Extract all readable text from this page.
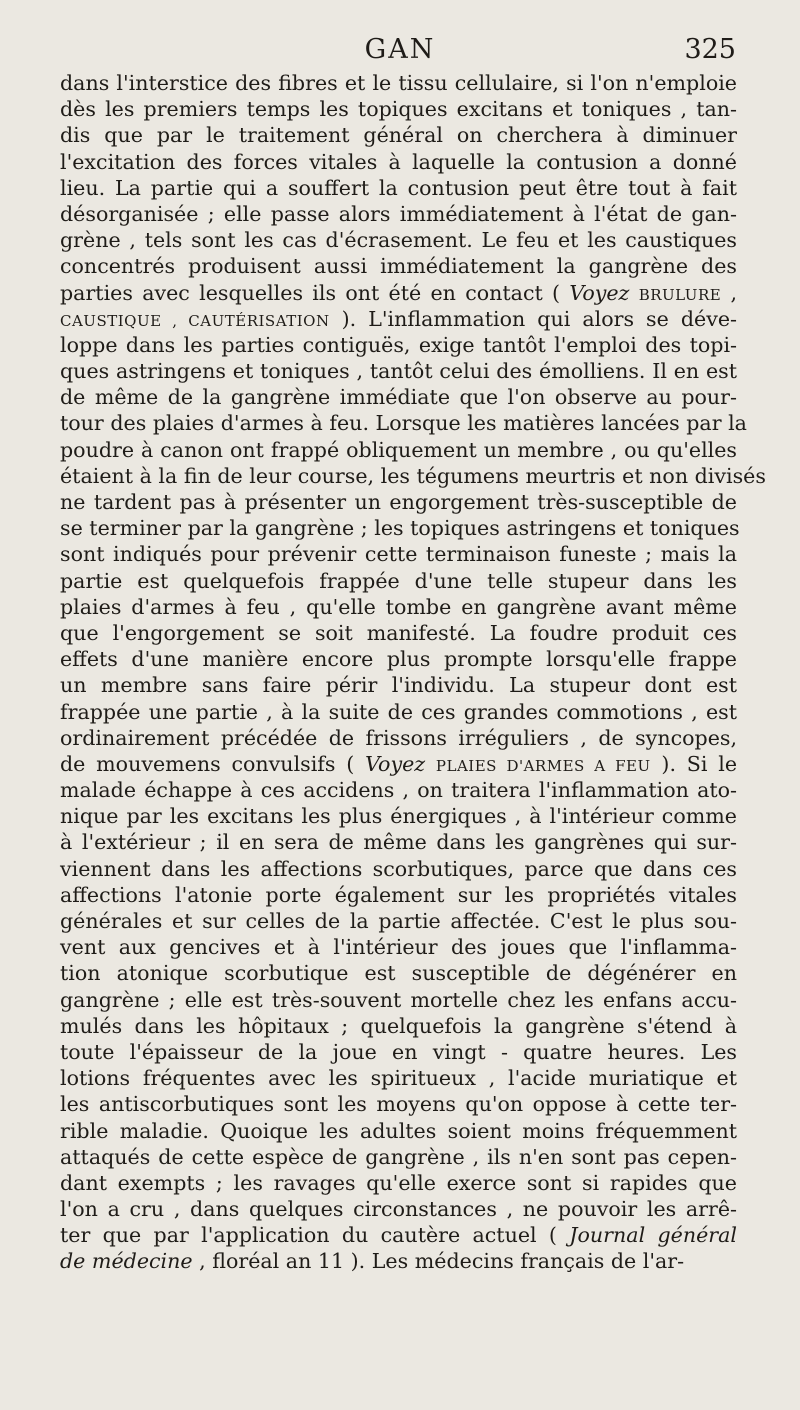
GAN	325
dans l'interstice des fibres et le tissu cellulaire, si l'on n'emploie
dès les premiers temps les topiques excitans et toniques , tan-
dis que par le traitement général on cherchera à diminuer
l'excitation des forces vitales à laquelle la contusion a donné
lieu. La partie qui a souffert la contusion peut être tout à fait
désorganisée ; elle passe alors immédiatement à l'état de gan-
grène , tels sont les cas d'écrasement. Le feu et les caustiques
concentrés produisent aussi immédiatement la gangrène des
parties avec lesquelles ils ont été en contact ( Voyez BRULURE ,
CAUSTIQUE , CAUTÉRISATION ). L'inflammation qui alors se déve-
loppe dans les parties contiguës, exige tantôt l'emploi des topi-
ques astringens et toniques , tantôt celui des émolliens. Il en est
de même de la gangrène immédiate que l'on observe au pour-
tour des plaies d'armes à feu. Lorsque les matières lancées par la
poudre à canon ont frappé obliquement un membre , ou qu'elles
étaient à la fin de leur course, les tégumens meurtris et non divisés
ne tardent pas à présenter un engorgement très-susceptible de
se terminer par la gangrène ; les topiques astringens et toniques
sont indiqués pour prévenir cette terminaison funeste ; mais la
partie est quelquefois frappée d'une telle stupeur dans les
plaies d'armes à feu , qu'elle tombe en gangrène avant même
que l'engorgement se soit manifesté. La foudre produit ces
effets d'une manière encore plus prompte lorsqu'elle frappe
un membre sans faire périr l'individu. La stupeur dont est
frappée une partie , à la suite de ces grandes commotions , est
ordinairement précédée de frissons irréguliers , de syncopes,
de mouvemens convulsifs ( Voyez PLAIES D'ARMES A FEU ). Si le
malade échappe à ces accidens , on traitera l'inflammation ato-
nique par les excitans les plus énergiques , à l'intérieur comme
à l'extérieur ; il en sera de même dans les gangrènes qui sur-
viennent dans les affections scorbutiques, parce que dans ces
affections l'atonie porte également sur les propriétés vitales
générales et sur celles de la partie affectée. C'est le plus sou-
vent aux gencives et à l'intérieur des joues que l'inflamma-
tion atonique scorbutique est susceptible de dégénérer en
gangrène ; elle est très-souvent mortelle chez les enfans accu-
mulés dans les hôpitaux ; quelquefois la gangrène s'étend à
toute l'épaisseur de la joue en vingt - quatre heures. Les
lotions fréquentes avec les spiritueux , l'acide muriatique et
les antiscorbutiques sont les moyens qu'on oppose à cette ter-
rible maladie. Quoique les adultes soient moins fréquemment
attaqués de cette espèce de gangrène , ils n'en sont pas cepen-
dant exempts ; les ravages qu'elle exerce sont si rapides que
l'on a cru , dans quelques circonstances , ne pouvoir les arrê-
ter que par l'application du cautère actuel ( Journal général
de médecine , floréal an 11 ). Les médecins français de l'ar-
